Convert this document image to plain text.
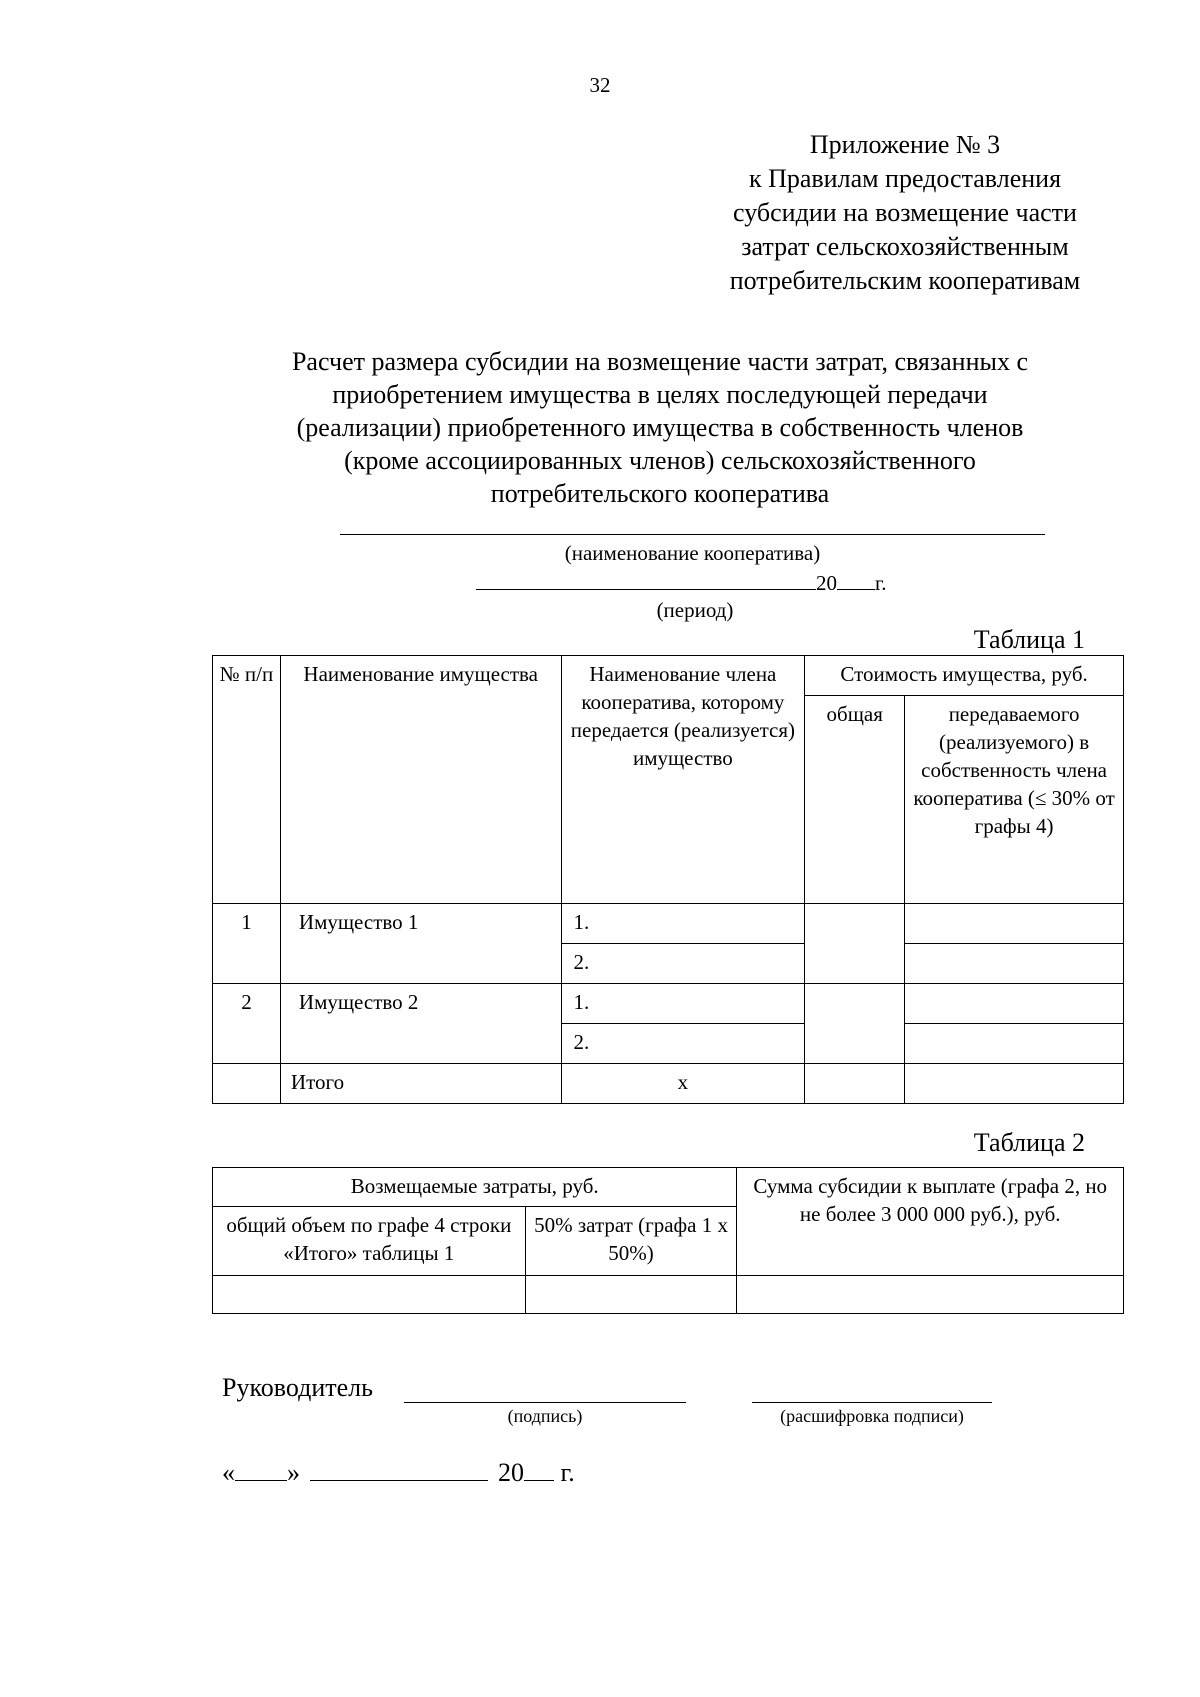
32
Приложение № 3
к Правилам предоставления
субсидии на возмещение части
затрат сельскохозяйственным
потребительским кооперативам
Расчет размера субсидии на возмещение части затрат, связанных с
приобретением имущества в целях последующей передачи
(реализации) приобретенного имущества в собственность членов
(кроме ассоциированных членов) сельскохозяйственного
потребительского кооператива
(наименование кооператива)
20 г.
(период)
Таблица 1
№ п/п	Наименование имущества	Наименование члена кооператива, которому передается (реализуется) имущество	Стоимость имущества, руб.	
			общая	передаваемого (реализуемого) в собственность члена кооператива (≤ 30% от графы 4)
1	Имущество 1	1.		
		2.		
2	Имущество 2	1.		
		2.		
	Итого	х		
Таблица 2
Возмещаемые затраты, руб.		Сумма субсидии к выплате (графа 2, но не более 3 000 000 руб.), руб.
общий объем по графе 4 строки «Итого» таблицы 1	50% затрат (графа 1 х 50%)	

Руководитель
(подпись)	(расшифровка подписи)
« »	20 г.
